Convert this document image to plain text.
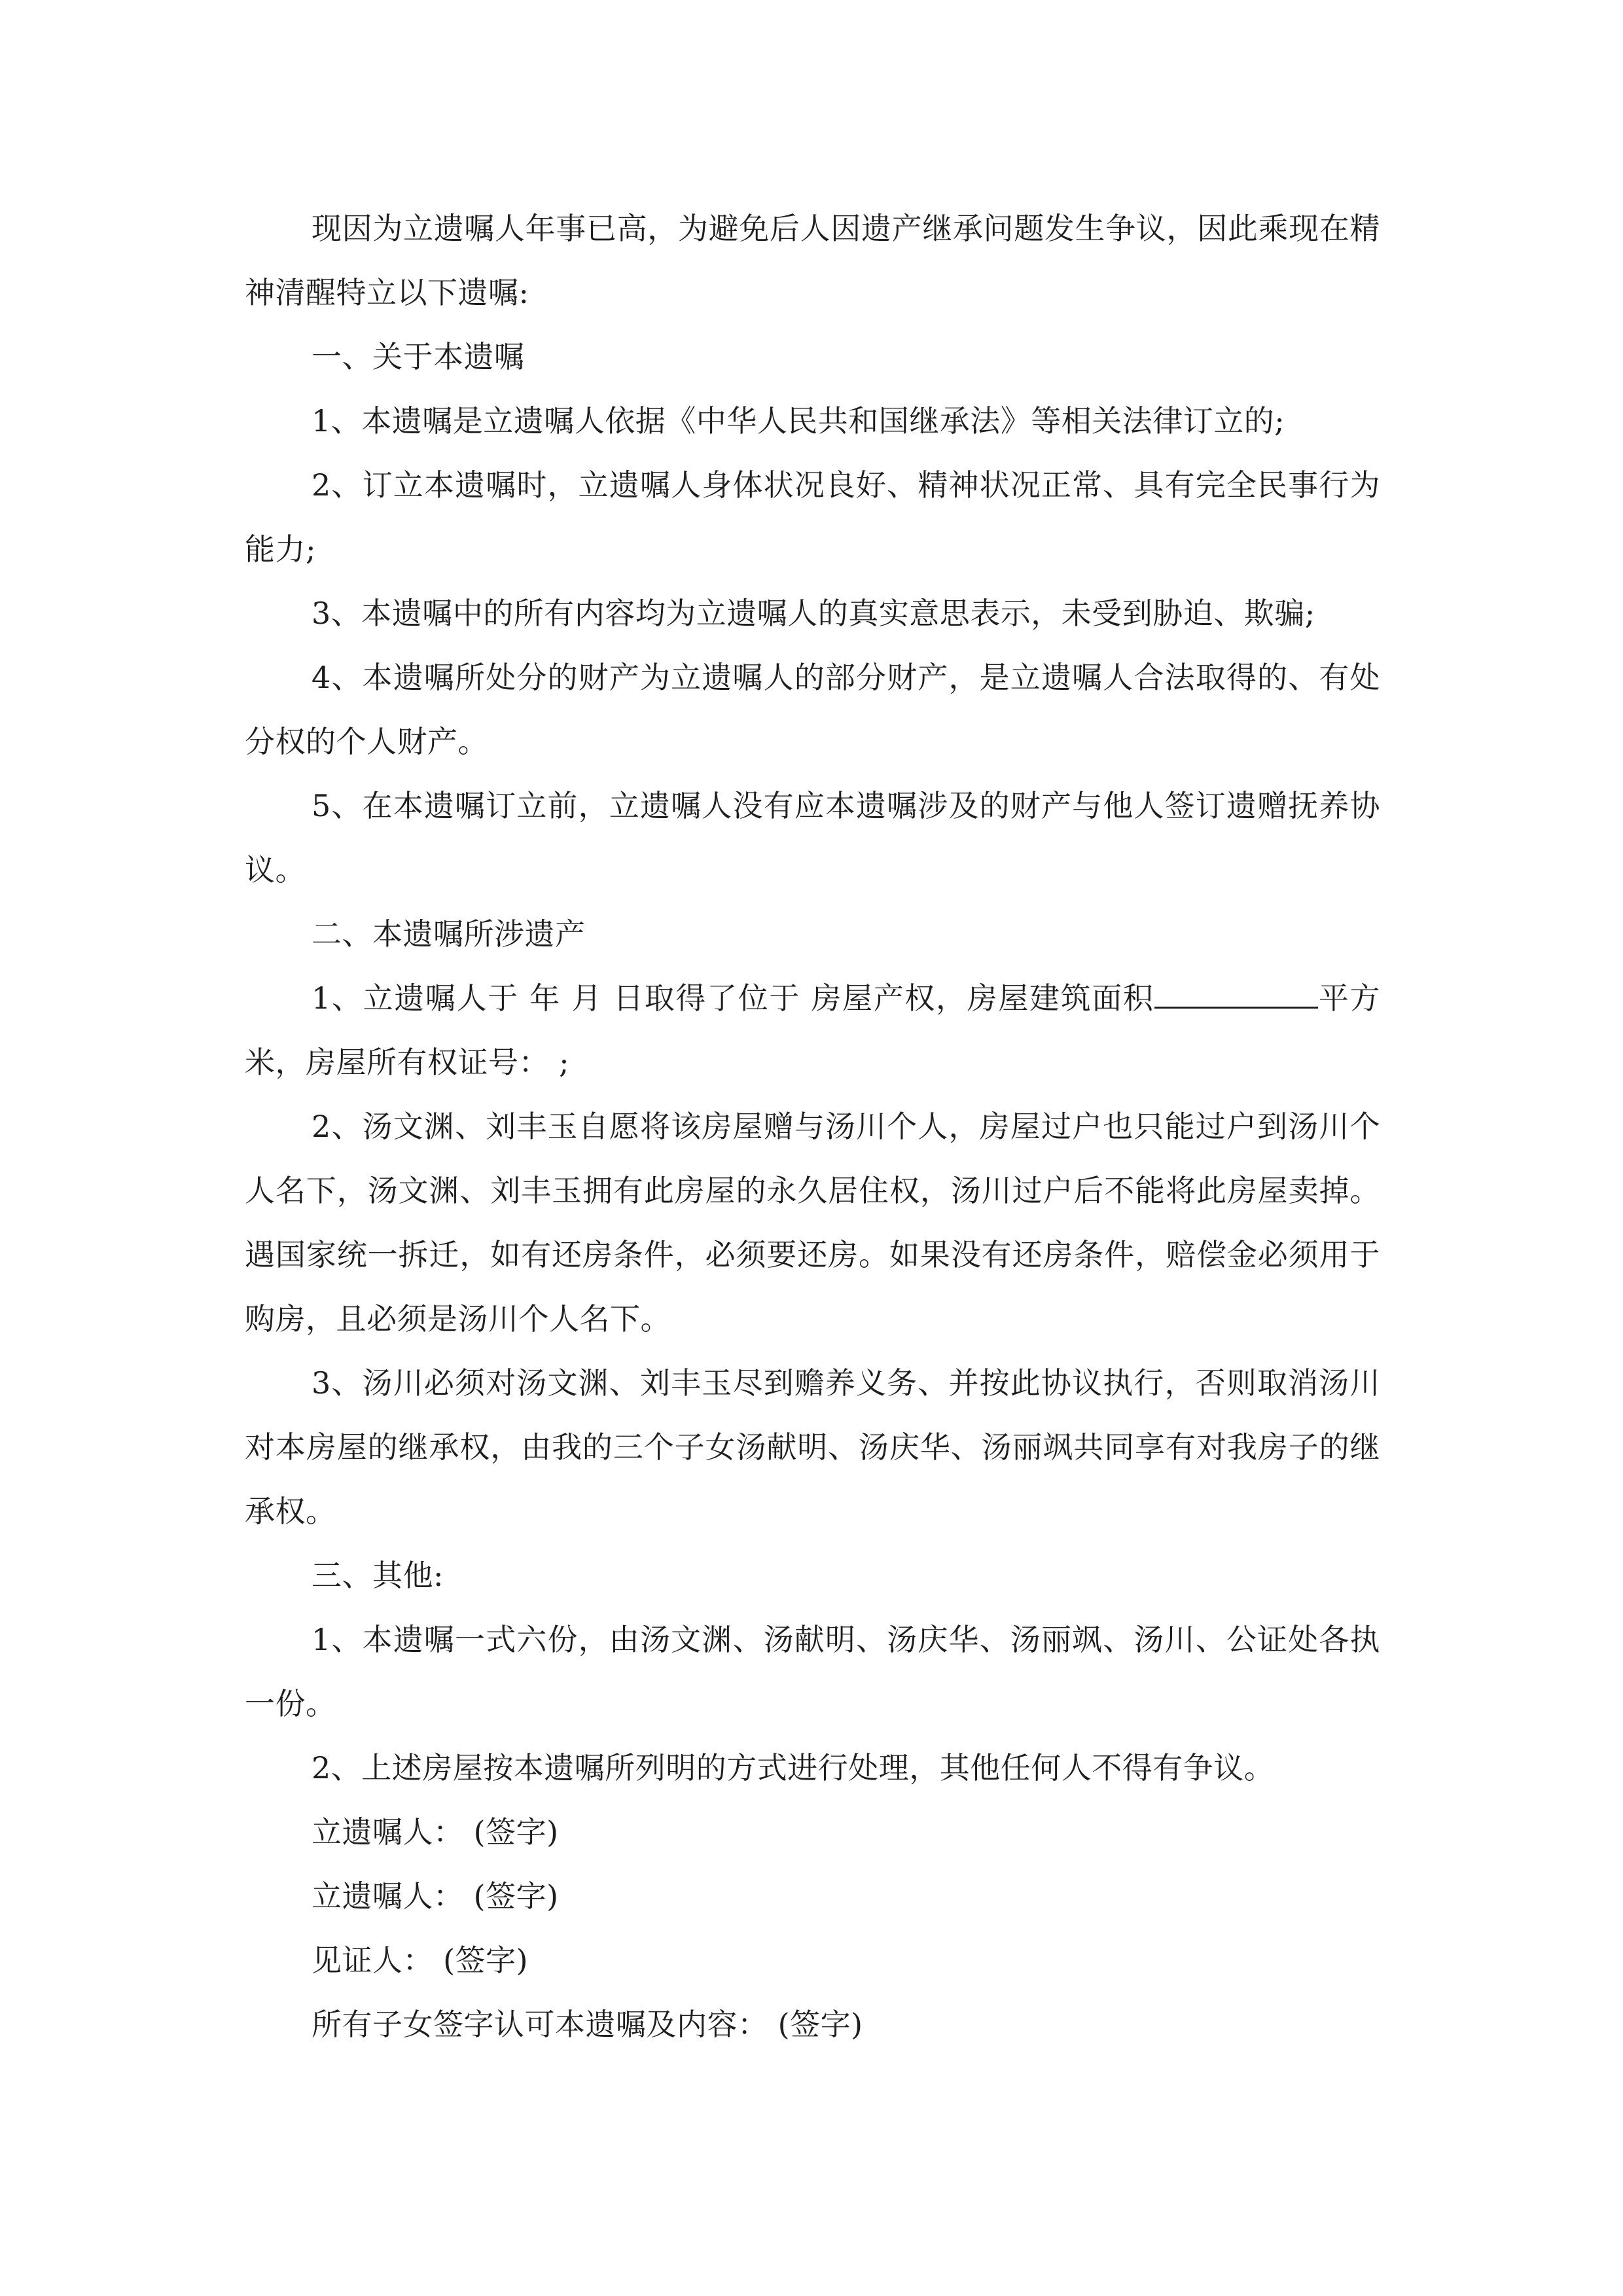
现因为立遗嘱人年事已高，为避免后人因遗产继承问题发生争议，因此乘现在精神清醒特立以下遗嘱:

一、关于本遗嘱

1、本遗嘱是立遗嘱人依据《中华人民共和国继承法》等相关法律订立的;

2、订立本遗嘱时，立遗嘱人身体状况良好、精神状况正常、具有完全民事行为能力;

3、本遗嘱中的所有内容均为立遗嘱人的真实意思表示，未受到胁迫、欺骗;

4、本遗嘱所处分的财产为立遗嘱人的部分财产，是立遗嘱人合法取得的、有处分权的个人财产。

5、在本遗嘱订立前，立遗嘱人没有应本遗嘱涉及的财产与他人签订遗赠抚养协议。

二、本遗嘱所涉遗产

1、立遗嘱人于 年 月 日取得了位于 房屋产权，房屋建筑面积	平方米，房屋所有权证号： ;

2、汤文渊、刘丰玉自愿将该房屋赠与汤川个人，房屋过户也只能过户到汤川个人名下，汤文渊、刘丰玉拥有此房屋的永久居住权，汤川过户后不能将此房屋卖掉。遇国家统一拆迁，如有还房条件，必须要还房。如果没有还房条件，赔偿金必须用于购房，且必须是汤川个人名下。

3、汤川必须对汤文渊、刘丰玉尽到赡养义务、并按此协议执行，否则取消汤川对本房屋的继承权，由我的三个子女汤献明、汤庆华、汤丽飒共同享有对我房子的继承权。

三、其他:

1、本遗嘱一式六份，由汤文渊、汤献明、汤庆华、汤丽飒、汤川、公证处各执一份。

2、上述房屋按本遗嘱所列明的方式进行处理，其他任何人不得有争议。

立遗嘱人： (签字)

立遗嘱人： (签字)

见证人： (签字)

所有子女签字认可本遗嘱及内容： (签字)
